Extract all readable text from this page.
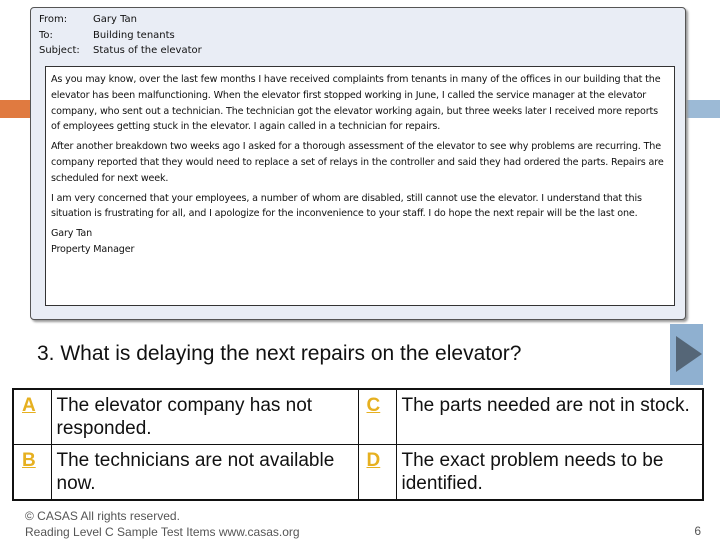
From:	Gary Tan
To:	Building tenants
Subject: Status of the elevator

As you may know, over the last few months I have received complaints from tenants in many of the offices in our building that the elevator has been malfunctioning. When the elevator first stopped working in June, I called the service manager at the elevator company, who sent out a technician. The technician got the elevator working again, but three weeks later I received more reports of employees getting stuck in the elevator. I again called in a technician for repairs.

After another breakdown two weeks ago I asked for a thorough assessment of the elevator to see why problems are recurring. The company reported that they would need to replace a set of relays in the controller and said they had ordered the parts. Repairs are scheduled for next week.

I am very concerned that your employees, a number of whom are disabled, still cannot use the elevator. I understand that this situation is frustrating for all, and I apologize for the inconvenience to your staff. I do hope the next repair will be the last one.

Gary Tan
Property Manager
3. What is delaying the next repairs on the elevator?
A	The elevator company has not responded.	C	The parts needed are not in stock.
B	The technicians are not available now.	D	The exact problem needs to be identified.
© CASAS All rights reserved.
Reading Level C Sample Test Items www.casas.org	6
